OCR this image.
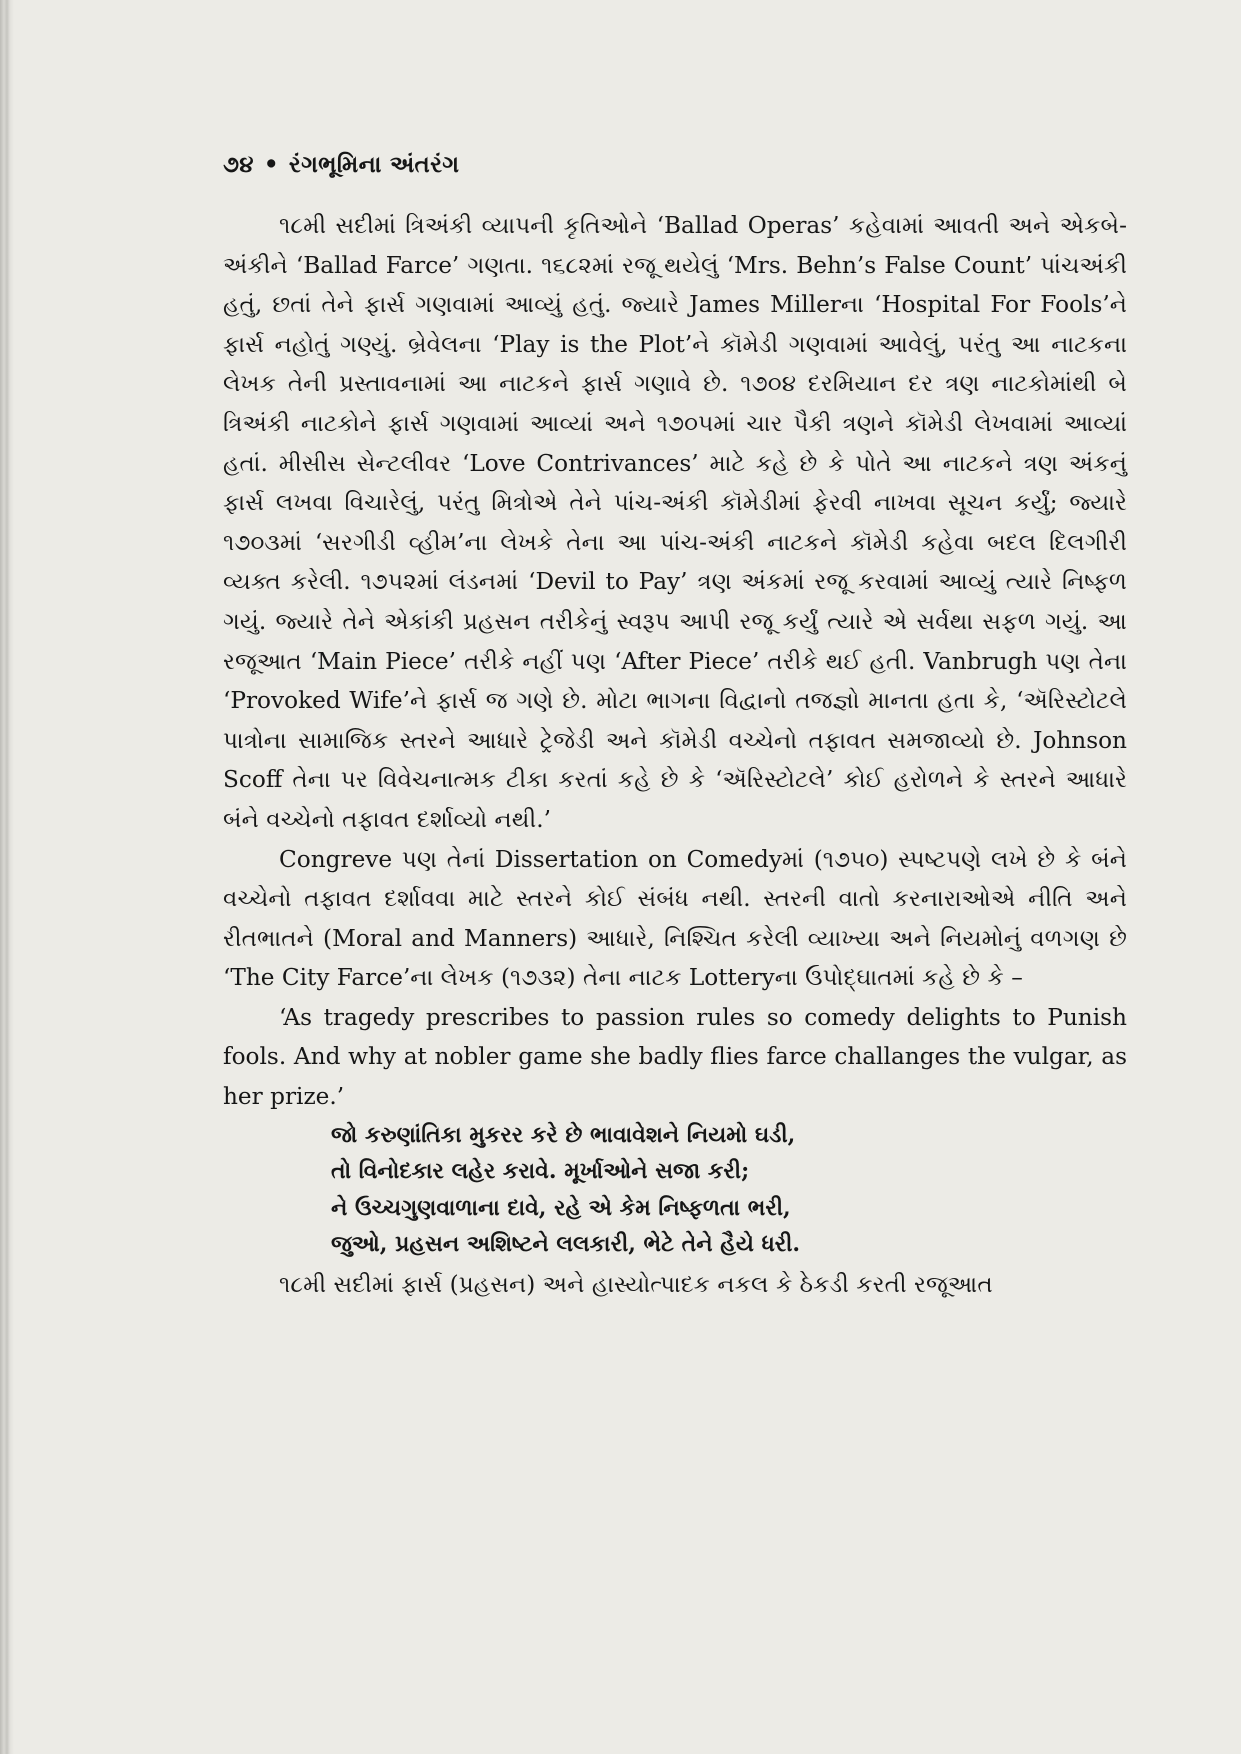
૭૪ • રંગભૂમિના અંતરંગ

૧૮મી સદીમાં ત્રિઅંકી વ્યાપની કૃતિઓને ‘Ballad Operas’ કહેવામાં આવતી અને એકબે-અંકીને ‘Ballad Farce’ ગણતા. ૧૬૮૨માં રજૂ થયેલું ‘Mrs. Behn’s False Count’ પાંચઅંકી હતું, છતાં તેને ફાર્સ ગણવામાં આવ્યું હતું. જ્યારે James Millerના ‘Hospital For Fools’ને ફાર્સ નહોતું ગણ્યું. બ્રેવેલના ‘Play is the Plot’ને કૉમેડી ગણવામાં આવેલું, પરંતુ આ નાટકના લેખક તેની પ્રસ્તાવનામાં આ નાટકને ફાર્સ ગણાવે છે. ૧૭૦૪ દરમિયાન દર ત્રણ નાટકોમાંથી બે ત્રિઅંકી નાટકોને ફાર્સ ગણવામાં આવ્યાં અને ૧૭૦૫માં ચાર પૈકી ત્રણને કૉમેડી લેખવામાં આવ્યાં હતાં. મીસીસ સેન્ટલીવર ‘Love Contrivances’ માટે કહે છે કે પોતે આ નાટકને ત્રણ અંકનું ફાર્સ લખવા વિચારેલું, પરંતુ મિત્રોએ તેને પાંચ-અંકી કૉમેડીમાં ફેરવી નાખવા સૂચન કર્યું; જ્યારે ૧૭૦૩માં ‘સરગીડી વ્હીમ’ના લેખકે તેના આ પાંચ-અંકી નાટકને કૉમેડી કહેવા બદલ દિલગીરી વ્યક્ત કરેલી. ૧૭૫૨માં લંડનમાં ‘Devil to Pay’ ત્રણ અંકમાં રજૂ કરવામાં આવ્યું ત્યારે નિષ્ફળ ગયું. જ્યારે તેને એકાંકી પ્રહસન તરીકેનું સ્વરૂપ આપી રજૂ કર્યું ત્યારે એ સર્વથા સફળ ગયું. આ રજૂઆત ‘Main Piece’ તરીકે નહીં પણ ‘After Piece’ તરીકે થઈ હતી. Vanbrugh પણ તેના ‘Provoked Wife’ને ફાર્સ જ ગણે છે. મોટા ભાગના વિદ્વાનો તજજ્ઞો માનતા હતા કે, ‘ઍરિસ્ટોટલે પાત્રોના સામાજિક સ્તરને આધારે ટ્રેજેડી અને કૉમેડી વચ્ચેનો તફાવત સમજાવ્યો છે. Johnson Scoff તેના પર વિવેચનાત્મક ટીકા કરતાં કહે છે કે ‘ઍરિસ્ટોટલે’ કોઈ હરોળને કે સ્તરને આધારે બંને વચ્ચેનો તફાવત દર્શાવ્યો નથી.’

Congreve પણ તેનાં Dissertation on Comedyમાં (૧૭૫૦) સ્પષ્ટપણે લખે છે કે બંને વચ્ચેનો તફાવત દર્શાવવા માટે સ્તરને કોઈ સંબંધ નથી. સ્તરની વાતો કરનારાઓએ નીતિ અને રીતભાતને (Moral and Manners) આધારે, નિશ્ચિત કરેલી વ્યાખ્યા અને નિયમોનું વળગણ છે ‘The City Farce’ના લેખક (૧૭૩૨) તેના નાટક Lotteryના ઉપોદ્ઘાતમાં કહે છે કે –

‘As tragedy prescribes to passion rules so comedy delights to Punish fools. And why at nobler game she badly flies farce challanges the vulgar, as her prize.’

જો કરુણાંતિકા મુકરર કરે છે ભાવાવેશને નિયમો ઘડી,
તો વિનોદકાર લહેર કરાવે. મૂર્ખાઓને સજા કરી;
ને ઉચ્ચગુણવાળાના દાવે, રહે એ કેમ નિષ્ફળતા ભરી,
જુઓ, પ્રહસન અશિષ્ટને લલકારી, ભેટે તેને હૈયે ધરી.

૧૮મી સદીમાં ફાર્સ (પ્રહસન) અને હાસ્યોત્પાદક નકલ કે ઠેકડી કરતી રજૂઆત
